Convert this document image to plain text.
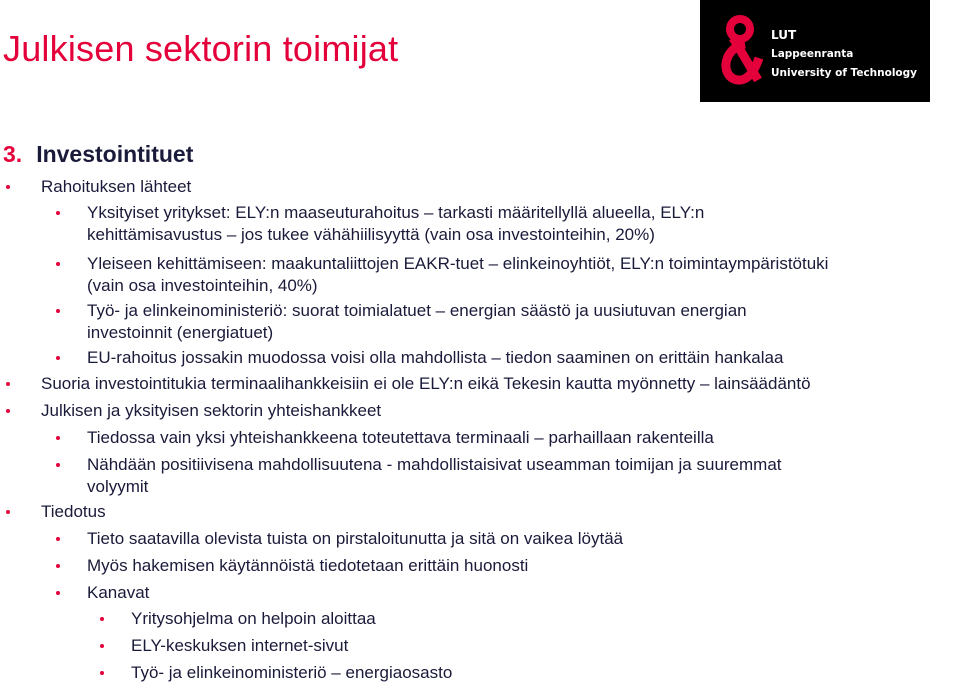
Julkisen sektorin toimijat	LUT
Lappeenranta
University of Technology
3. Investointituet
Rahoituksen lähteet
Yksityiset yritykset: ELY:n maaseuturahoitus – tarkasti määritellyllä alueella, ELY:n
kehittämisavustus – jos tukee vähähiilisyyttä (vain osa investointeihin, 20%)
Yleiseen kehittämiseen: maakuntaliittojen EAKR-tuet – elinkeinoyhtiöt, ELY:n toimintaympäristötuki
(vain osa investointeihin, 40%)
Työ- ja elinkeinoministeriö: suorat toimialatuet – energian säästö ja uusiutuvan energian
investoinnit (energiatuet)
EU-rahoitus jossakin muodossa voisi olla mahdollista – tiedon saaminen on erittäin hankalaa
Suoria investointitukia terminaalihankkeisiin ei ole ELY:n eikä Tekesin kautta myönnetty – lainsäädäntö
Julkisen ja yksityisen sektorin yhteishankkeet
Tiedossa vain yksi yhteishankkeena toteutettava terminaali – parhaillaan rakenteilla
Nähdään positiivisena mahdollisuutena - mahdollistaisivat useamman toimijan ja suuremmat
volyymit
Tiedotus
Tieto saatavilla olevista tuista on pirstaloitunutta ja sitä on vaikea löytää
Myös hakemisen käytännöistä tiedotetaan erittäin huonosti
Kanavat
Yritysohjelma on helpoin aloittaa
ELY-keskuksen internet-sivut
Työ- ja elinkeinoministeriö – energiaosasto
